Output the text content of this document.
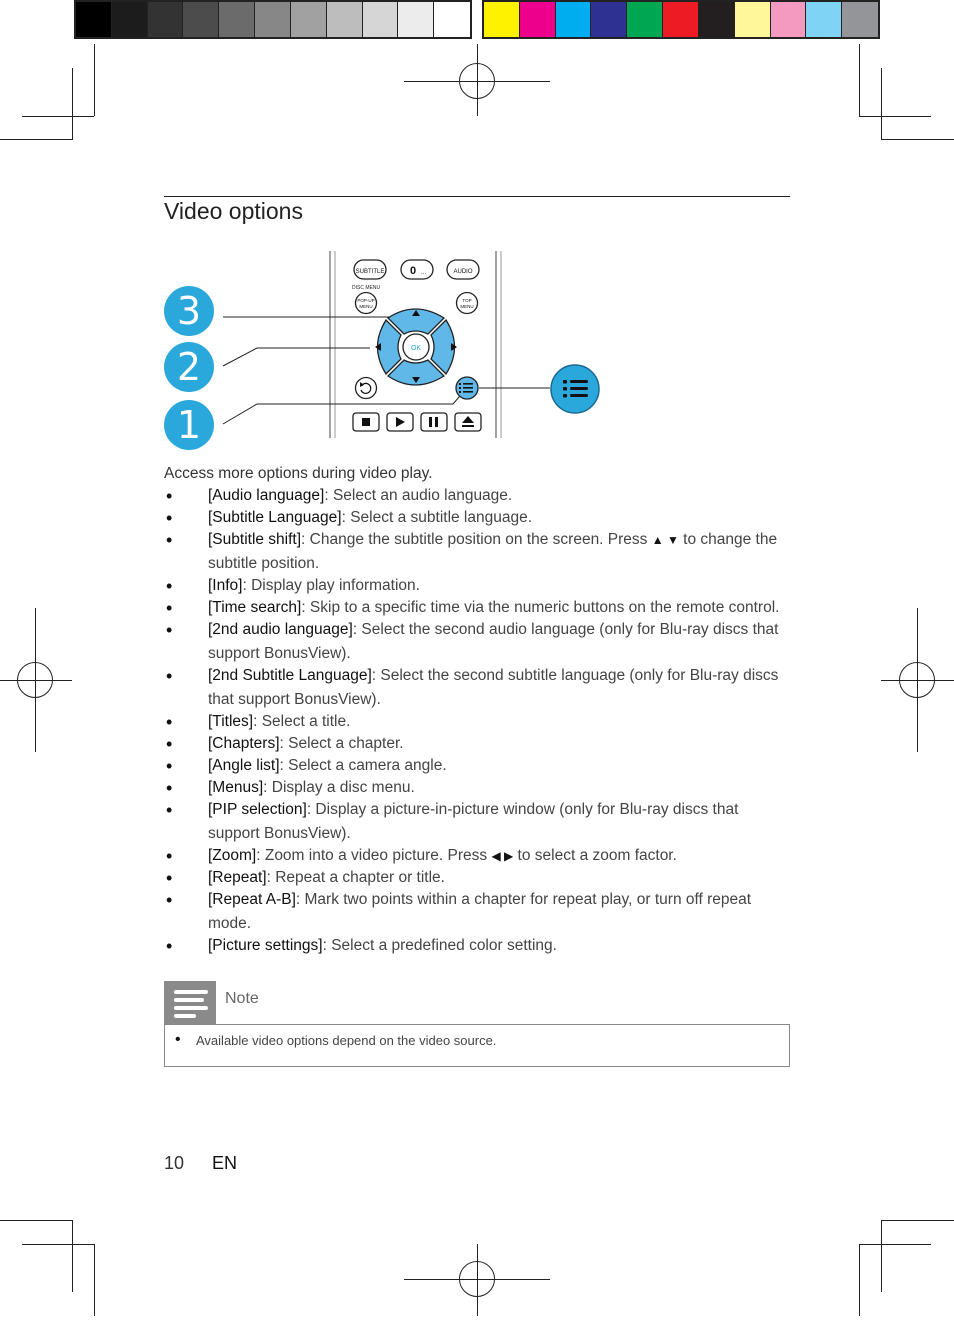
Video options
3
2
1
SUBTITLE 0 ...	AUDIO
DISC MENU
POP-UP
MENU
TOP
MENU
OK
Access more options during video play.
• [Audio language]: Select an audio language.
• [Subtitle Language]: Select a subtitle language.
• [Subtitle shift]: Change the subtitle position on the screen. Press ▲ ▼ to change the subtitle position.
• [Info]: Display play information.
• [Time search]: Skip to a specific time via the numeric buttons on the remote control.
• [2nd audio language]: Select the second audio language (only for Blu-ray discs that support BonusView).
• [2nd Subtitle Language]: Select the second subtitle language (only for Blu-ray discs that support BonusView).
• [Titles]: Select a title.
• [Chapters]: Select a chapter.
• [Angle list]: Select a camera angle.
• [Menus]: Display a disc menu.
• [PIP selection]: Display a picture-in-picture window (only for Blu-ray discs that support BonusView).
• [Zoom]: Zoom into a video picture. Press ◀ ▶ to select a zoom factor.
• [Repeat]: Repeat a chapter or title.
• [Repeat A-B]: Mark two points within a chapter for repeat play, or turn off repeat mode.
• [Picture settings]: Select a predefined color setting.
Note
• Available video options depend on the video source.
10 EN
